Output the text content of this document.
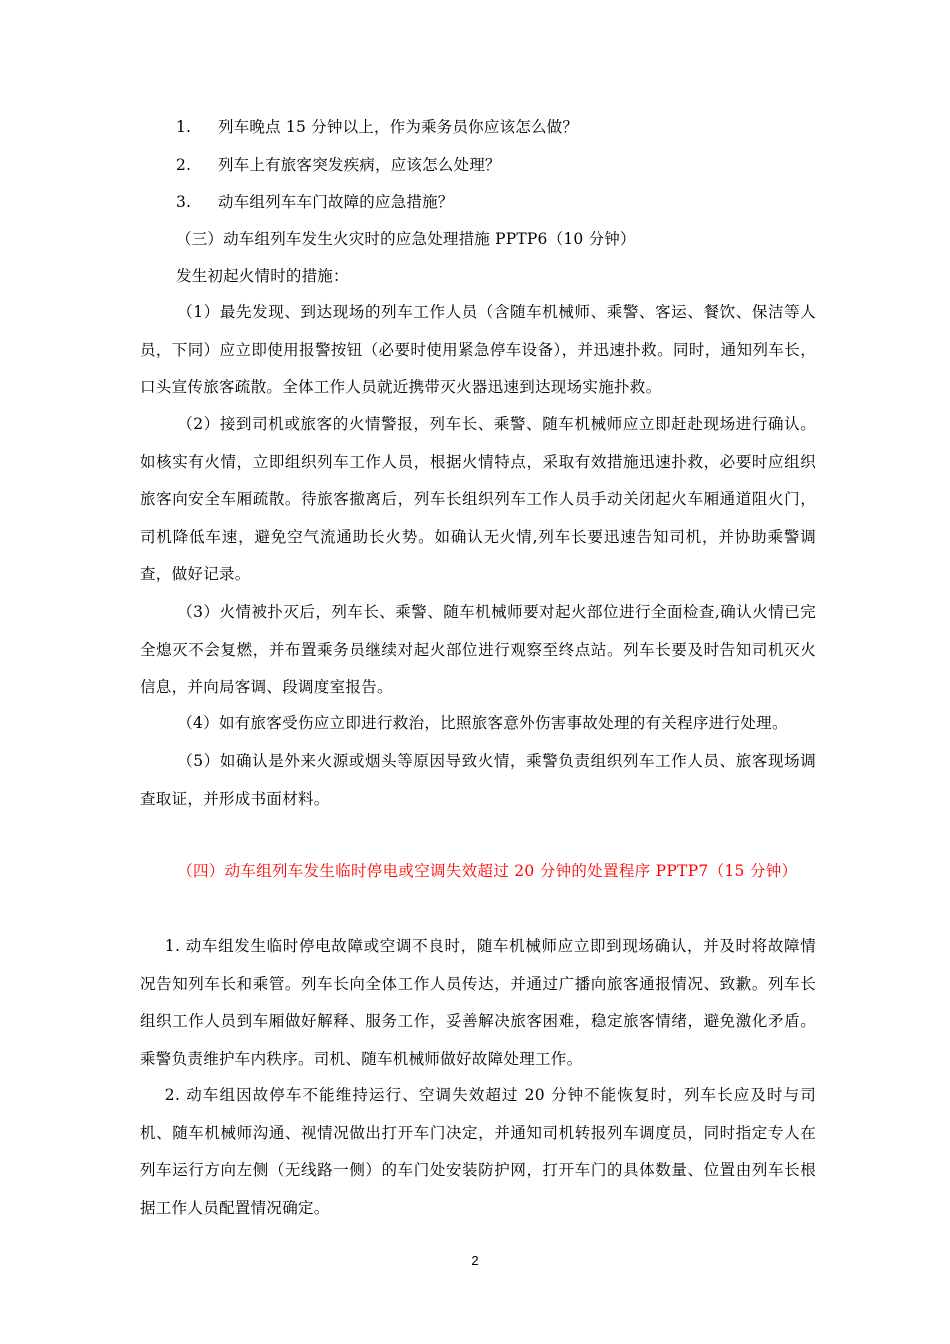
1. 列车晚点 15 分钟以上，作为乘务员你应该怎么做？
2. 列车上有旅客突发疾病，应该怎么处理？
3. 动车组列车车门故障的应急措施？
（三）动车组列车发生火灾时的应急处理措施 PPTP6（10 分钟）
发生初起火情时的措施：
（1）最先发现、到达现场的列车工作人员（含随车机械师、乘警、客运、餐饮、保洁等人员，下同）应立即使用报警按钮（必要时使用紧急停车设备），并迅速扑救。同时，通知列车长，口头宣传旅客疏散。全体工作人员就近携带灭火器迅速到达现场实施扑救。
（2）接到司机或旅客的火情警报，列车长、乘警、随车机械师应立即赶赴现场进行确认。如核实有火情，立即组织列车工作人员，根据火情特点，采取有效措施迅速扑救，必要时应组织旅客向安全车厢疏散。待旅客撤离后，列车长组织列车工作人员手动关闭起火车厢通道阻火门，司机降低车速，避免空气流通助长火势。如确认无火情,列车长要迅速告知司机，并协助乘警调查，做好记录。
（3）火情被扑灭后，列车长、乘警、随车机械师要对起火部位进行全面检查,确认火情已完全熄灭不会复燃，并布置乘务员继续对起火部位进行观察至终点站。列车长要及时告知司机灭火信息，并向局客调、段调度室报告。
（4）如有旅客受伤应立即进行救治，比照旅客意外伤害事故处理的有关程序进行处理。
（5）如确认是外来火源或烟头等原因导致火情，乘警负责组织列车工作人员、旅客现场调查取证，并形成书面材料。
（四）动车组列车发生临时停电或空调失效超过 20 分钟的处置程序 PPTP7（15 分钟）
1. 动车组发生临时停电故障或空调不良时，随车机械师应立即到现场确认，并及时将故障情况告知列车长和乘管。列车长向全体工作人员传达，并通过广播向旅客通报情况、致歉。列车长组织工作人员到车厢做好解释、服务工作，妥善解决旅客困难，稳定旅客情绪，避免激化矛盾。乘警负责维护车内秩序。司机、随车机械师做好故障处理工作。
2. 动车组因故停车不能维持运行、空调失效超过 20 分钟不能恢复时，列车长应及时与司机、随车机械师沟通、视情况做出打开车门决定，并通知司机转报列车调度员，同时指定专人在列车运行方向左侧（无线路一侧）的车门处安装防护网，打开车门的具体数量、位置由列车长根据工作人员配置情况确定。
2
